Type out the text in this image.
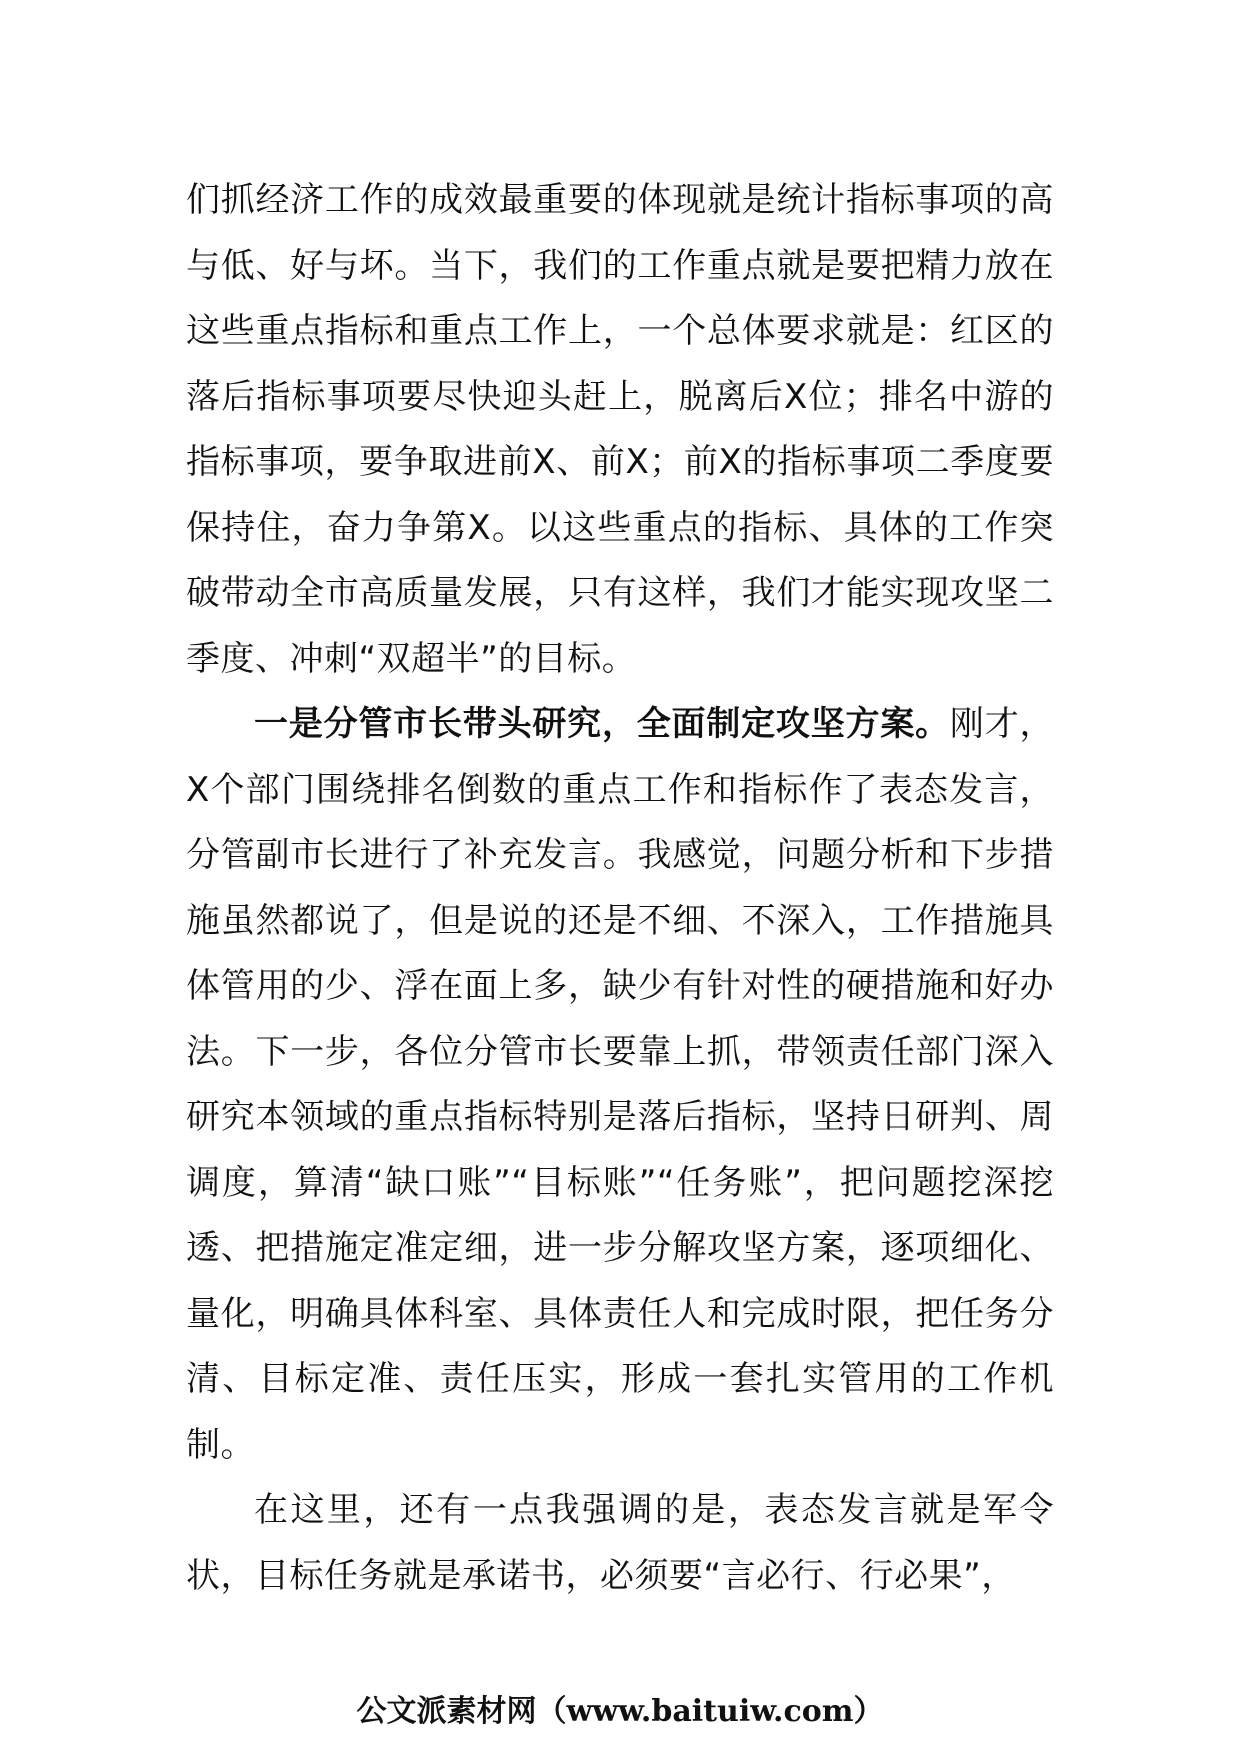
们抓经济工作的成效最重要的体现就是统计指标事项的高与低、好与坏。当下，我们的工作重点就是要把精力放在这些重点指标和重点工作上，一个总体要求就是：红区的落后指标事项要尽快迎头赶上，脱离后X位；排名中游的指标事项，要争取进前X、前X；前X的指标事项二季度要保持住，奋力争第X。以这些重点的指标、具体的工作突破带动全市高质量发展，只有这样，我们才能实现攻坚二季度、冲刺“双超半”的目标。

一是分管市长带头研究，全面制定攻坚方案。刚才，X个部门围绕排名倒数的重点工作和指标作了表态发言，分管副市长进行了补充发言。我感觉，问题分析和下步措施虽然都说了，但是说的还是不细、不深入，工作措施具体管用的少、浮在面上多，缺少有针对性的硬措施和好办法。下一步，各位分管市长要靠上抓，带领责任部门深入研究本领域的重点指标特别是落后指标，坚持日研判、周调度，算清“缺口账”“目标账”“任务账”，把问题挖深挖透、把措施定准定细，进一步分解攻坚方案，逐项细化、量化，明确具体科室、具体责任人和完成时限，把任务分清、目标定准、责任压实，形成一套扎实管用的工作机制。

在这里，还有一点我强调的是，表态发言就是军令状，目标任务就是承诺书，必须要“言必行、行必果”，

公文派素材网（www.baituiw.com）
